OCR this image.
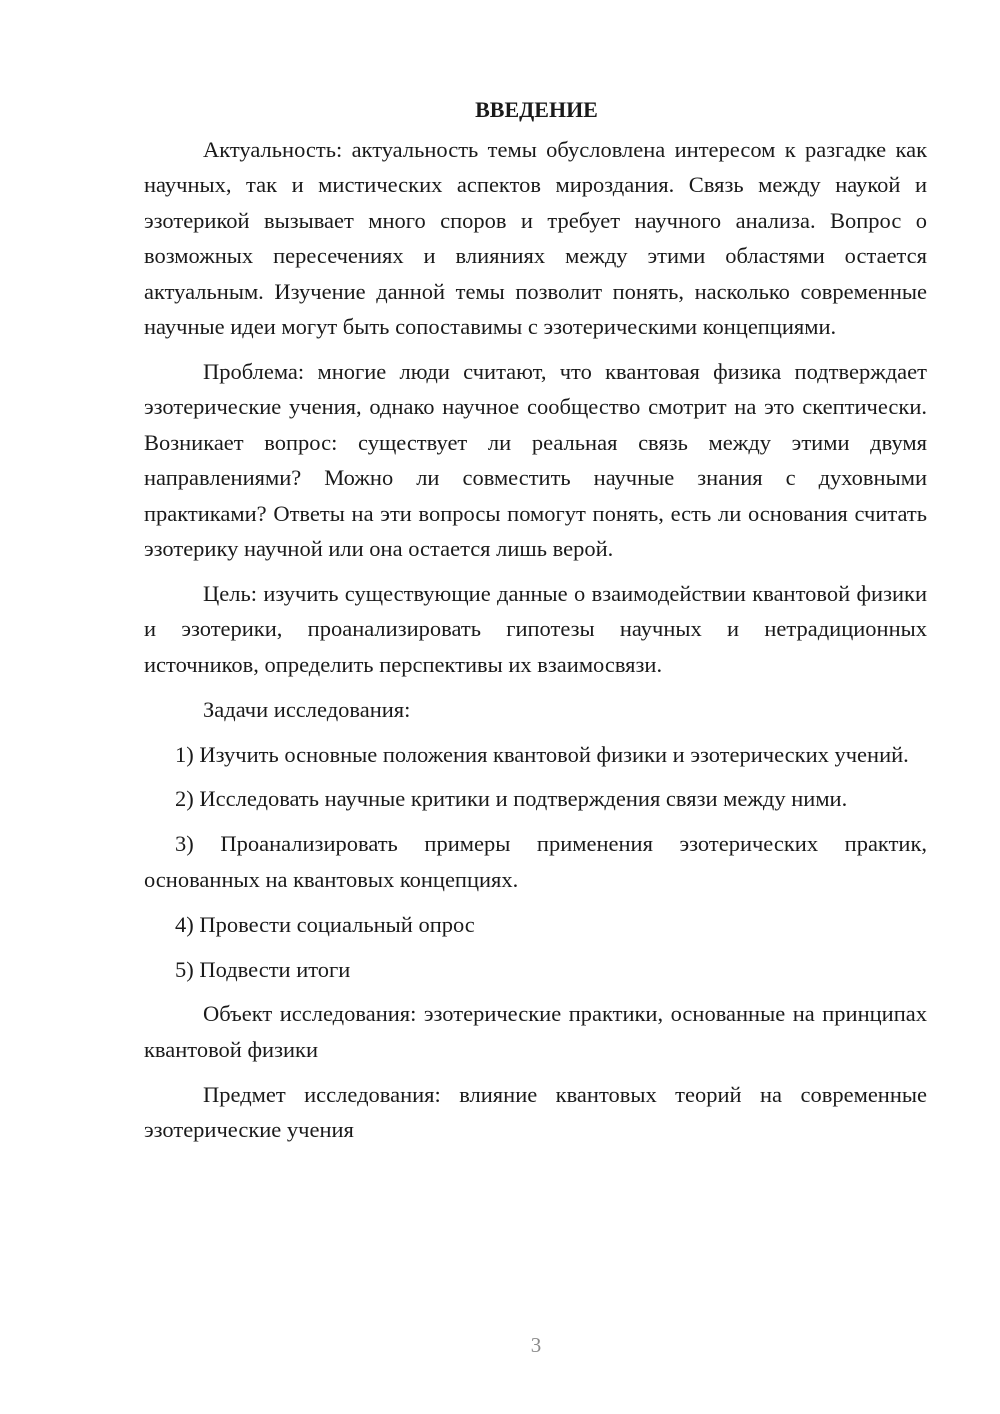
ВВЕДЕНИЕ

Актуальность: актуальность темы обусловлена интересом к разгадке как научных, так и мистических аспектов мироздания. Связь между наукой и эзотерикой вызывает много споров и требует научного анализа. Вопрос о возможных пересечениях и влияниях между этими областями остается актуальным. Изучение данной темы позволит понять, насколько современные научные идеи могут быть сопоставимы с эзотерическими концепциями.

Проблема: многие люди считают, что квантовая физика подтверждает эзотерические учения, однако научное сообщество смотрит на это скептически. Возникает вопрос: существует ли реальная связь между этими двумя направлениями? Можно ли совместить научные знания с духовными практиками? Ответы на эти вопросы помогут понять, есть ли основания считать эзотерику научной или она остается лишь верой.

Цель: изучить существующие данные о взаимодействии квантовой физики и эзотерики, проанализировать гипотезы научных и нетрадиционных источников, определить перспективы их взаимосвязи.

Задачи исследования:

1) Изучить основные положения квантовой физики и эзотерических учений.

2) Исследовать научные критики и подтверждения связи между ними.

3) Проанализировать примеры применения эзотерических практик, основанных на квантовых концепциях.

4) Провести социальный опрос

5) Подвести итоги

Объект исследования: эзотерические практики, основанные на принципах квантовой физики

Предмет исследования: влияние квантовых теорий на современные эзотерические учения

3
